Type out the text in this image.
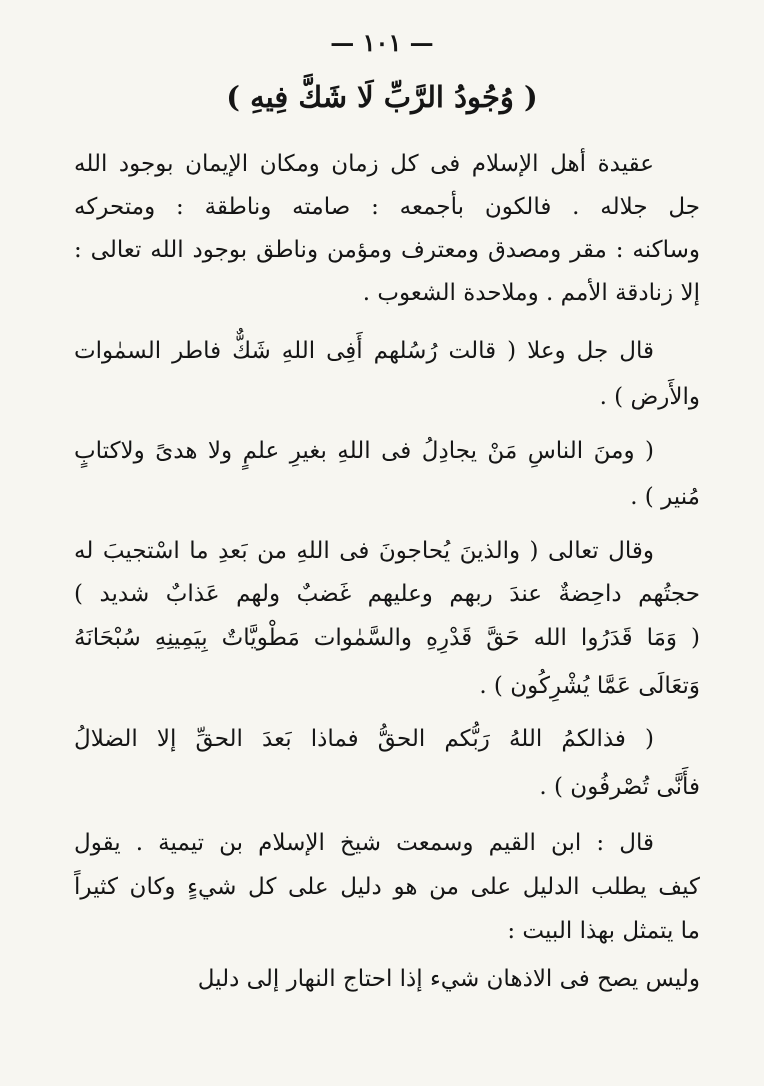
— ١٠١ —
( وُجُودُ الرَّبِّ لَا شَكَّ فِيهِ )
عقيدة أهل الإسلام فى كل زمان ومكان الإيمان بوجود الله
جل جلاله . فالكون بأجمعه : صامته وناطقة : ومتحركه
وساكنه : مقر ومصدق ومعترف ومؤمن وناطق بوجود الله تعالى :
إلا زنادقة الأمم . وملاحدة الشعوب .
قال جل وعلا ( قالت رُسُلهم أَفِى اللهِ شَكٌّ فاطر السمٰوات
والأَرض ) .
( ومنَ الناسِ مَنْ يجادِلُ فى اللهِ بغيرِ علمٍ ولا هدىً ولاكتابٍ
مُنير ) .
وقال تعالى ( والذينَ يُحاجونَ فى اللهِ من بَعدِ ما اسْتجيبَ له
حجتُهم داحِضةٌ عندَ ربهم وعليهم غَضبٌ ولهم عَذابٌ شديد )
( وَمَا قَدَرُوا الله حَقَّ قَدْرِهِ والسَّمٰوات مَطْويَّاتٌ بِيَمِينِهِ سُبْحَانَهُ
وَتعَالَى عَمَّا يُشْرِكُون ) .
( فذالكمُ اللهُ رَبُّكم الحقُّ فماذا بَعدَ الحقِّ إلا الضلالُ
فأَنَّى تُصْرفُون ) .
قال : ابن القيم وسمعت شيخ الإسلام بن تيمية . يقول
كيف يطلب الدليل على من هو دليل على كل شيءٍ وكان كثيراً
ما يتمثل بهذا البيت :
وليس يصح فى الاذهان شيء إذا احتاج النهار إلى دليل
